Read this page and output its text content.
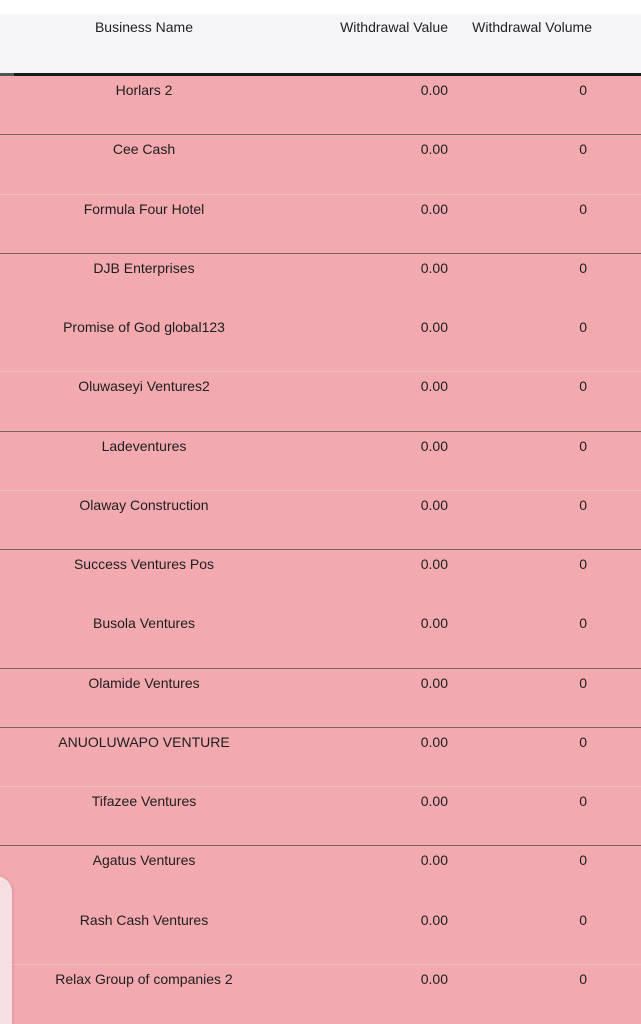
Business Name	Withdrawal Value	Withdrawal Volume
Horlars 2	0.00	0
Cee Cash	0.00	0
Formula Four Hotel	0.00	0
DJB Enterprises	0.00	0
Promise of God global123	0.00	0
Oluwaseyi Ventures2	0.00	0
Ladeventures	0.00	0
Olaway Construction	0.00	0
Success Ventures Pos	0.00	0
Busola Ventures	0.00	0
Olamide Ventures	0.00	0
ANUOLUWAPO VENTURE	0.00	0
Tifazee Ventures	0.00	0
Agatus Ventures	0.00	0
Rash Cash Ventures	0.00	0
Relax Group of companies 2	0.00	0
